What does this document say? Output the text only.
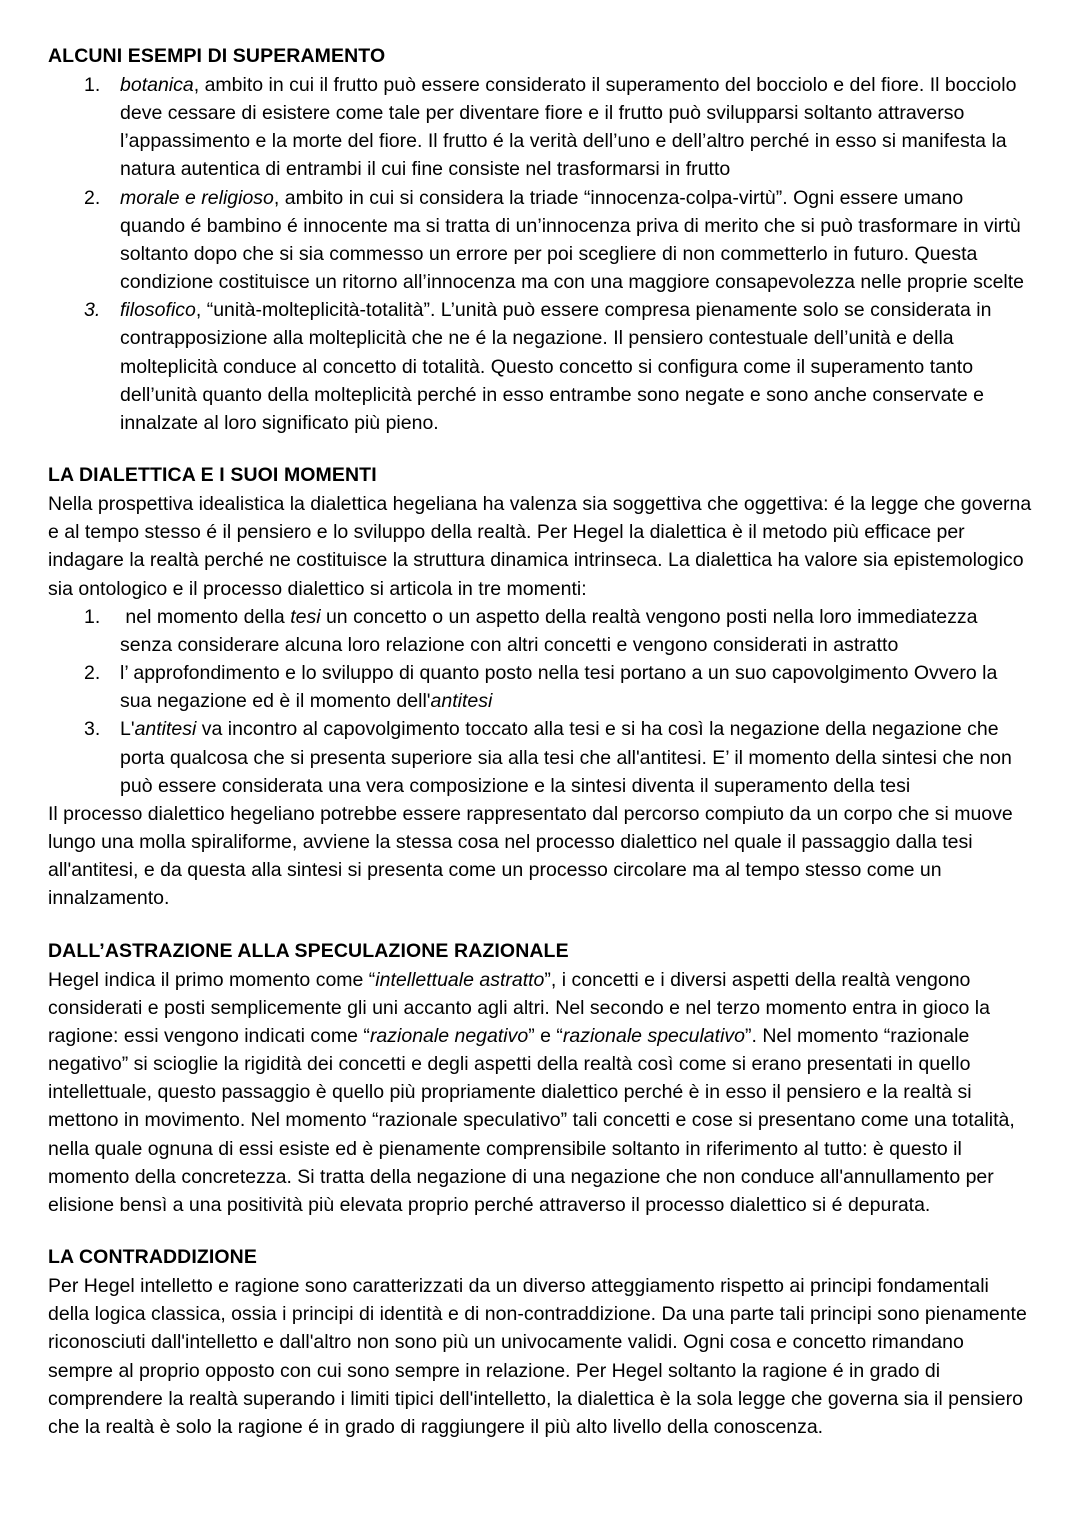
ALCUNI ESEMPI DI SUPERAMENTO
botanica, ambito in cui il frutto può essere considerato il superamento del bocciolo e del fiore. Il bocciolo deve cessare di esistere come tale per diventare fiore e il frutto può svilupparsi soltanto attraverso l’appassimento e la morte del fiore. Il frutto é la verità dell’uno e dell’altro perché in esso si manifesta la natura autentica di entrambi il cui fine consiste nel trasformarsi in frutto
morale e religioso, ambito in cui si considera la triade “innocenza-colpa-virtù”. Ogni essere umano quando é bambino é innocente ma si tratta di un’innocenza priva di merito che si può trasformare in virtù soltanto dopo che si sia commesso un errore per poi scegliere di non commetterlo in futuro. Questa condizione costituisce un ritorno all’innocenza ma con una maggiore consapevolezza nelle proprie scelte
filosofico, “unità-molteplicità-totalità”. L’unità può essere compresa pienamente solo se considerata in contrapposizione alla molteplicità che ne é la negazione. Il pensiero contestuale dell’unità e della molteplicità conduce al concetto di totalità. Questo concetto si configura come il superamento tanto dell’unità quanto della molteplicità perché in esso entrambe sono negate e sono anche conservate e innalzate al loro significato più pieno.
LA DIALETTICA E I SUOI MOMENTI

Nella prospettiva idealistica la dialettica hegeliana ha valenza sia soggettiva che oggettiva: é la legge che governa e al tempo stesso é il pensiero e lo sviluppo della realtà. Per Hegel la dialettica è il metodo più efficace per indagare la realtà perché ne costituisce la struttura dinamica intrinseca. La dialettica ha valore sia epistemologico sia ontologico e il processo dialettico si articola in tre momenti:

nel momento della tesi un concetto o un aspetto della realtà vengono posti nella loro immediatezza senza considerare alcuna loro relazione con altri concetti e vengono considerati in astratto
l’ approfondimento e lo sviluppo di quanto posto nella tesi portano a un suo capovolgimento Ovvero la sua negazione ed è il momento dell'antitesi
L'antitesi va incontro al capovolgimento toccato alla tesi e si ha così la negazione della negazione che porta qualcosa che si presenta superiore sia alla tesi che all'antitesi. E’ il momento della sintesi che non può essere considerata una vera composizione e la sintesi diventa il superamento della tesi

Il processo dialettico hegeliano potrebbe essere rappresentato dal percorso compiuto da un corpo che si muove lungo una molla spiraliforme, avviene la stessa cosa nel processo dialettico nel quale il passaggio dalla tesi all'antitesi, e da questa alla sintesi si presenta come un processo circolare ma al tempo stesso come un innalzamento.

DALL’ASTRAZIONE ALLA SPECULAZIONE RAZIONALE

Hegel indica il primo momento come “intellettuale astratto”, i concetti e i diversi aspetti della realtà vengono considerati e posti semplicemente gli uni accanto agli altri. Nel secondo e nel terzo momento entra in gioco la ragione: essi vengono indicati come “razionale negativo” e “razionale speculativo”. Nel momento “razionale negativo” si scioglie la rigidità dei concetti e degli aspetti della realtà così come si erano presentati in quello intellettuale, questo passaggio è quello più propriamente dialettico perché è in esso il pensiero e la realtà si mettono in movimento. Nel momento “razionale speculativo” tali concetti e cose si presentano come una totalità, nella quale ognuna di essi esiste ed è pienamente comprensibile soltanto in riferimento al tutto: è questo il  momento della concretezza. Si tratta della negazione di una negazione che non conduce all'annullamento per elisione bensì a una positività più elevata proprio perché attraverso il processo dialettico si é depurata.

LA CONTRADDIZIONE

Per Hegel intelletto e ragione sono caratterizzati da un diverso atteggiamento rispetto ai principi fondamentali della logica classica, ossia i principi di identità e di non-contraddizione. Da una parte tali principi sono pienamente riconosciuti dall'intelletto e dall'altro non sono più un univocamente validi. Ogni cosa e concetto rimandano sempre al proprio opposto con cui sono sempre in relazione. Per Hegel soltanto la ragione é in grado di comprendere la realtà superando i limiti tipici dell'intelletto, la dialettica è la sola legge che governa sia il pensiero che la realtà è solo la ragione é in grado di raggiungere il più alto livello della conoscenza.
